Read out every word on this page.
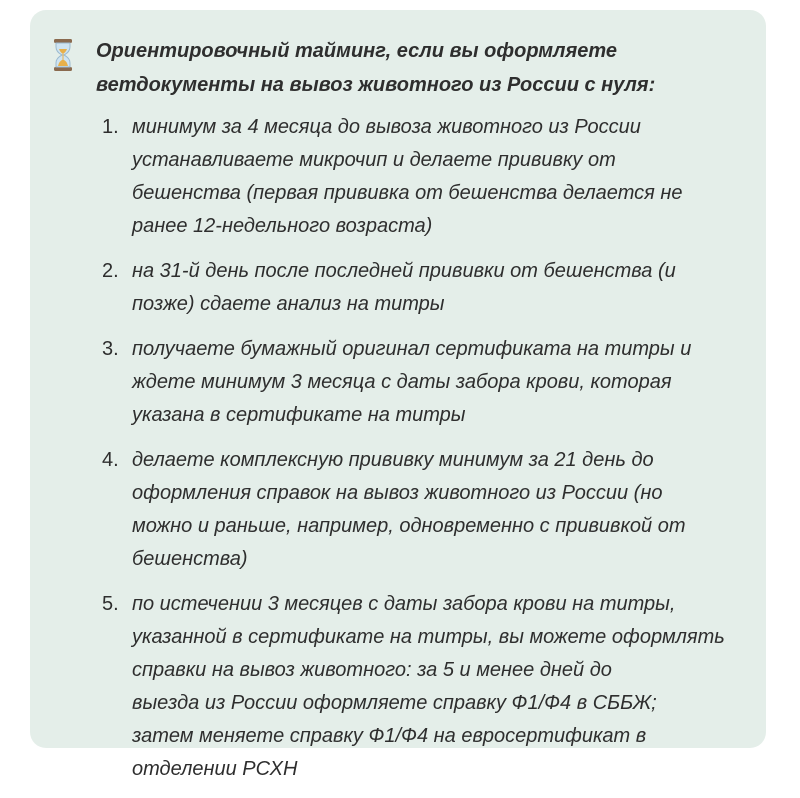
Ориентировочный тайминг, если вы оформляете
ветдокументы на вывоз животного из России с нуля:
1. минимум за 4 месяца до вывоза животного из России
устанавливаете микрочип и делаете прививку от
бешенства (первая прививка от бешенства делается не
ранее 12-недельного возраста)
2. на 31-й день после последней прививки от бешенства (и
позже) сдаете анализ на титры
3. получаете бумажный оригинал сертификата на титры и
ждете минимум 3 месяца с даты забора крови, которая
указана в сертификате на титры
4. делаете комплексную прививку минимум за 21 день до
оформления справок на вывоз животного из России (но
можно и раньше, например, одновременно с прививкой от
бешенства)
5. по истечении 3 месяцев с даты забора крови на титры,
указанной в сертификате на титры, вы можете оформлять
справки на вывоз животного: за 5 и менее дней до
выезда из России оформляете справку Ф1/Ф4 в СББЖ;
затем меняете справку Ф1/Ф4 на евросертификат в
отделении РСХН
